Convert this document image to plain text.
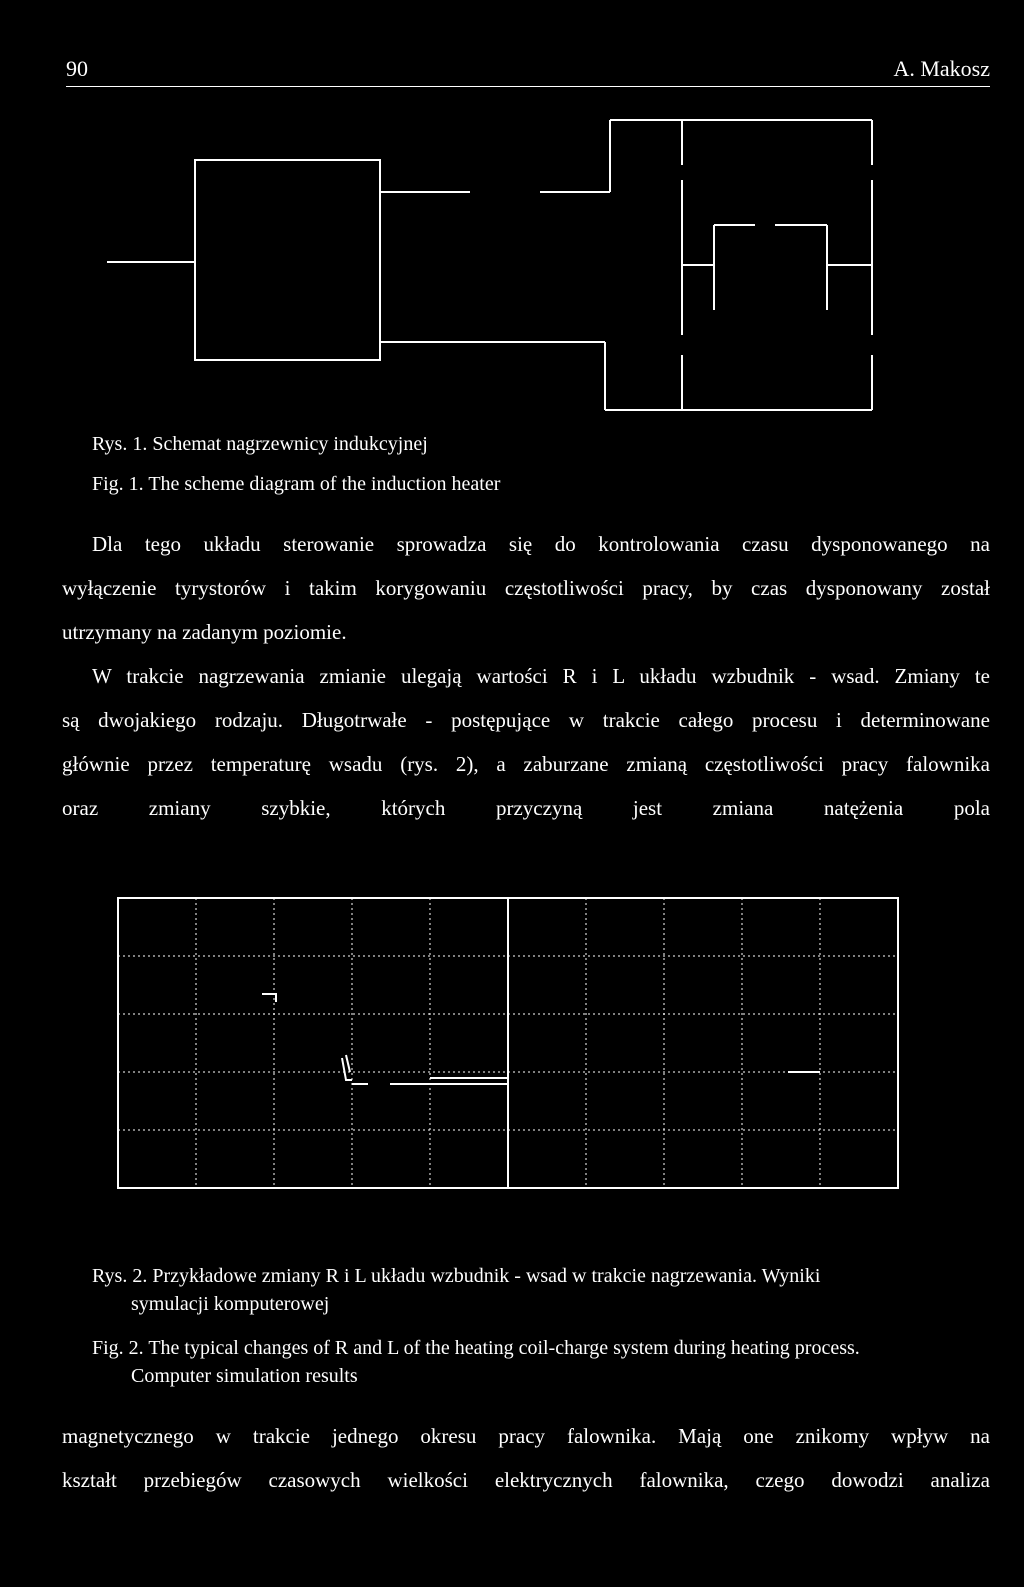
90	A. Makosz
Rys. 1. Schemat nagrzewnicy indukcyjnej
Fig. 1. The scheme diagram of the induction heater
Dla tego układu sterowanie sprowadza się do kontrolowania czasu dysponowanego na
wyłączenie tyrystorów i takim korygowaniu częstotliwości pracy, by czas dysponowany został
utrzymany na zadanym poziomie.
W trakcie nagrzewania zmianie ulegają wartości R i L układu wzbudnik - wsad. Zmiany te
są dwojakiego rodzaju. Długotrwałe - postępujące w trakcie całego procesu i determinowane
głównie przez temperaturę wsadu (rys. 2), a zaburzane zmianą częstotliwości pracy falownika
oraz zmiany szybkie, których przyczyną jest zmiana natężenia pola
Rys. 2. Przykładowe zmiany R i L układu wzbudnik - wsad w trakcie nagrzewania. Wyniki
symulacji komputerowej
Fig. 2. The typical changes of R and L of the heating coil-charge system during heating process.
Computer simulation results
magnetycznego w trakcie jednego okresu pracy falownika. Mają one znikomy wpływ na
kształt przebiegów czasowych wielkości elektrycznych falownika, czego dowodzi analiza
